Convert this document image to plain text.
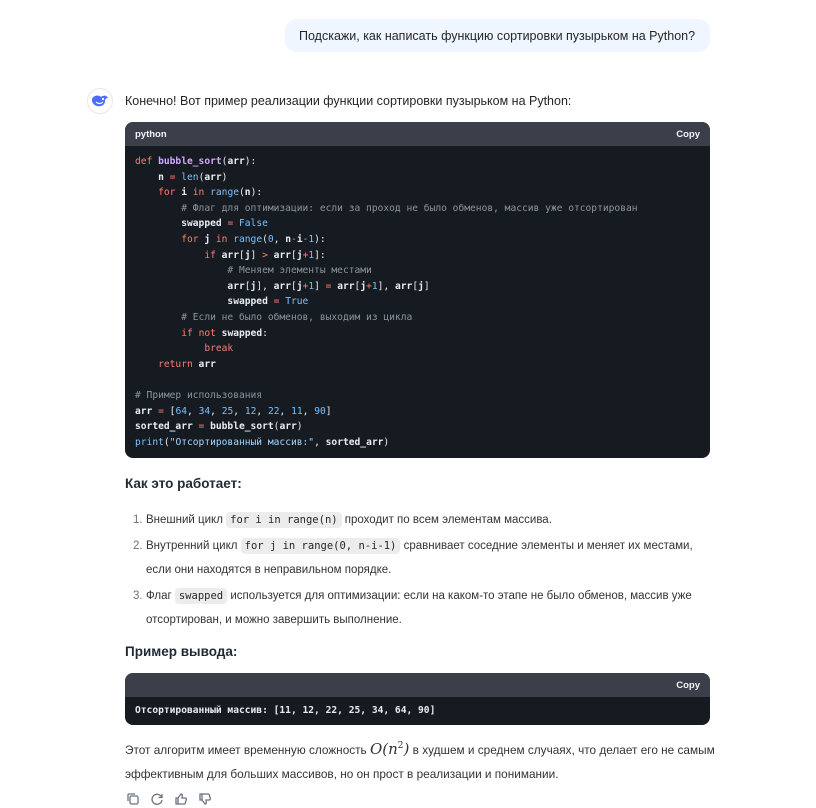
Подскажи, как написать функцию сортировки пузырьком на Python?
Конечно! Вот пример реализации функции сортировки пузырьком на Python:
python	Copy
def bubble_sort(arr):
n = len(arr)
for i in range(n):
# Флаг для оптимизации: если за проход не было обменов, массив уже отсортирован
swapped = False
for j in range(0, n-i-1):
if arr[j] > arr[j+1]:
# Меняем элементы местами
arr[j], arr[j+1] = arr[j+1], arr[j]
swapped = True
# Если не было обменов, выходим из цикла
if not swapped:
break
return arr

# Пример использования
arr = [64, 34, 25, 12, 22, 11, 90]
sorted_arr = bubble_sort(arr)
print("Отсортированный массив:", sorted_arr)
Как это работает:
1. Внешний цикл for i in range(n) проходит по всем элементам массива.
2. Внутренний цикл for j in range(0, n-i-1) сравнивает соседние элементы и меняет их местами, если они находятся в неправильном порядке.
3. Флаг swapped используется для оптимизации: если на каком-то этапе не было обменов, массив уже отсортирован, и можно завершить выполнение.
Пример вывода:
Copy
Отсортированный массив: [11, 12, 22, 25, 34, 64, 90]
Этот алгоритм имеет временную сложность $O(n^2)$ в худшем и среднем случаях, что делает его не самым эффективным для больших массивов, но он прост в реализации и понимании.
